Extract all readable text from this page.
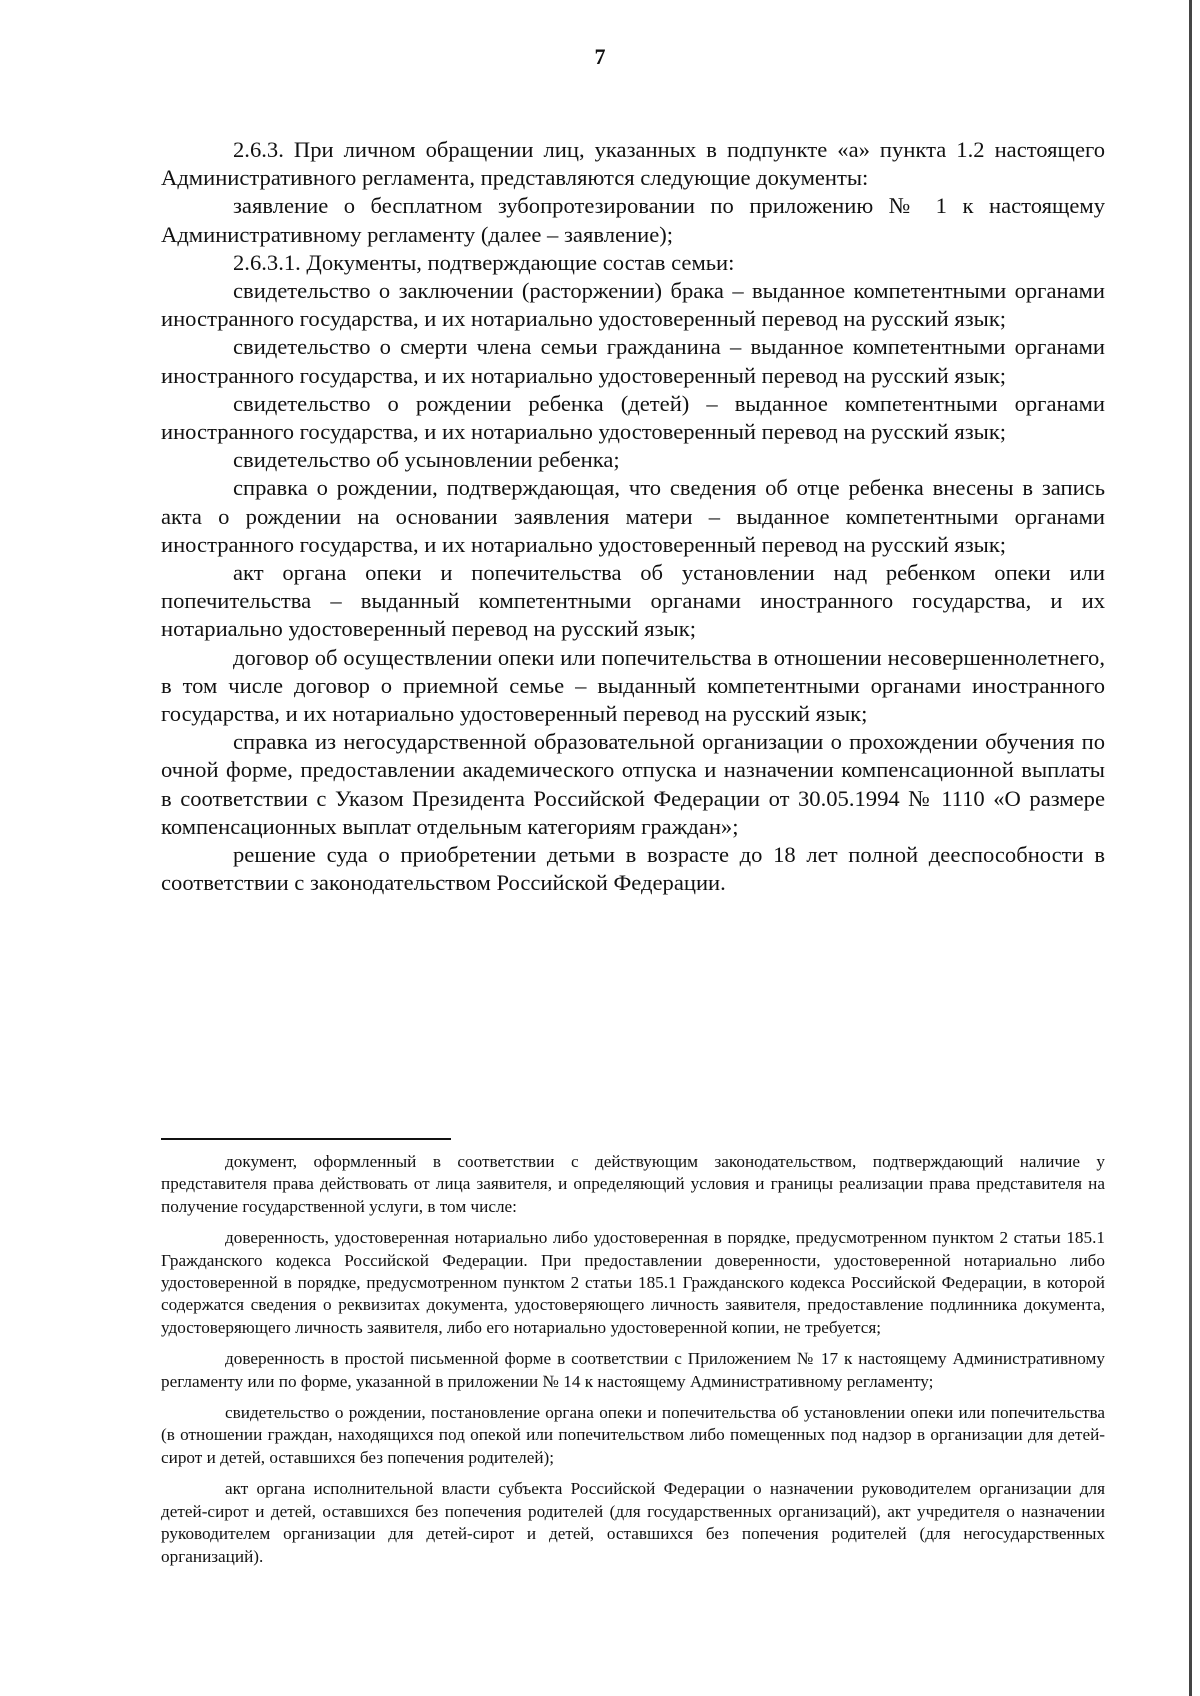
7

2.6.3. При личном обращении лиц, указанных в подпункте «а» пункта 1.2 настоящего Административного регламента, представляются следующие документы:

заявление о бесплатном зубопротезировании по приложению № 1 к настоящему Административному регламенту (далее – заявление);

2.6.3.1. Документы, подтверждающие состав семьи:

свидетельство о заключении (расторжении) брака – выданное компетентными органами иностранного государства, и их нотариально удостоверенный перевод на русский язык;

свидетельство о смерти члена семьи гражданина – выданное компетентными органами иностранного государства, и их нотариально удостоверенный перевод на русский язык;

свидетельство о рождении ребенка (детей) – выданное компетентными органами иностранного государства, и их нотариально удостоверенный перевод на русский язык;

свидетельство об усыновлении ребенка;

справка о рождении, подтверждающая, что сведения об отце ребенка внесены в запись акта о рождении на основании заявления матери – выданное компетентными органами иностранного государства, и их нотариально удостоверенный перевод на русский язык;

акт органа опеки и попечительства об установлении над ребенком опеки или попечительства – выданный компетентными органами иностранного государства, и их нотариально удостоверенный перевод на русский язык;

договор об осуществлении опеки или попечительства в отношении несовершеннолетнего, в том числе договор о приемной семье – выданный компетентными органами иностранного государства, и их нотариально удостоверенный перевод на русский язык;

справка из негосударственной образовательной организации о прохождении обучения по очной форме, предоставлении академического отпуска и назначении компенсационной выплаты в соответствии с Указом Президента Российской Федерации от 30.05.1994 № 1110 «О размере компенсационных выплат отдельным категориям граждан»;

решение суда о приобретении детьми в возрасте до 18 лет полной дееспособности в соответствии с законодательством Российской Федерации.

документ, оформленный в соответствии с действующим законодательством, подтверждающий наличие у представителя права действовать от лица заявителя, и определяющий условия и границы реализации права представителя на получение государственной услуги, в том числе:

доверенность, удостоверенная нотариально либо удостоверенная в порядке, предусмотренном пунктом 2 статьи 185.1 Гражданского кодекса Российской Федерации. При предоставлении доверенности, удостоверенной нотариально либо удостоверенной в порядке, предусмотренном пунктом 2 статьи 185.1 Гражданского кодекса Российской Федерации, в которой содержатся сведения о реквизитах документа, удостоверяющего личность заявителя, предоставление подлинника документа, удостоверяющего личность заявителя, либо его нотариально удостоверенной копии, не требуется;

доверенность в простой письменной форме в соответствии с Приложением № 17 к настоящему Административному регламенту или по форме, указанной в приложении № 14 к настоящему Административному регламенту;

свидетельство о рождении, постановление органа опеки и попечительства об установлении опеки или попечительства (в отношении граждан, находящихся под опекой или попечительством либо помещенных под надзор в организации для детей-сирот и детей, оставшихся без попечения родителей);

акт органа исполнительной власти субъекта Российской Федерации о назначении руководителем организации для детей-сирот и детей, оставшихся без попечения родителей (для государственных организаций), акт учредителя о назначении руководителем организации для детей-сирот и детей, оставшихся без попечения родителей (для негосударственных организаций).
